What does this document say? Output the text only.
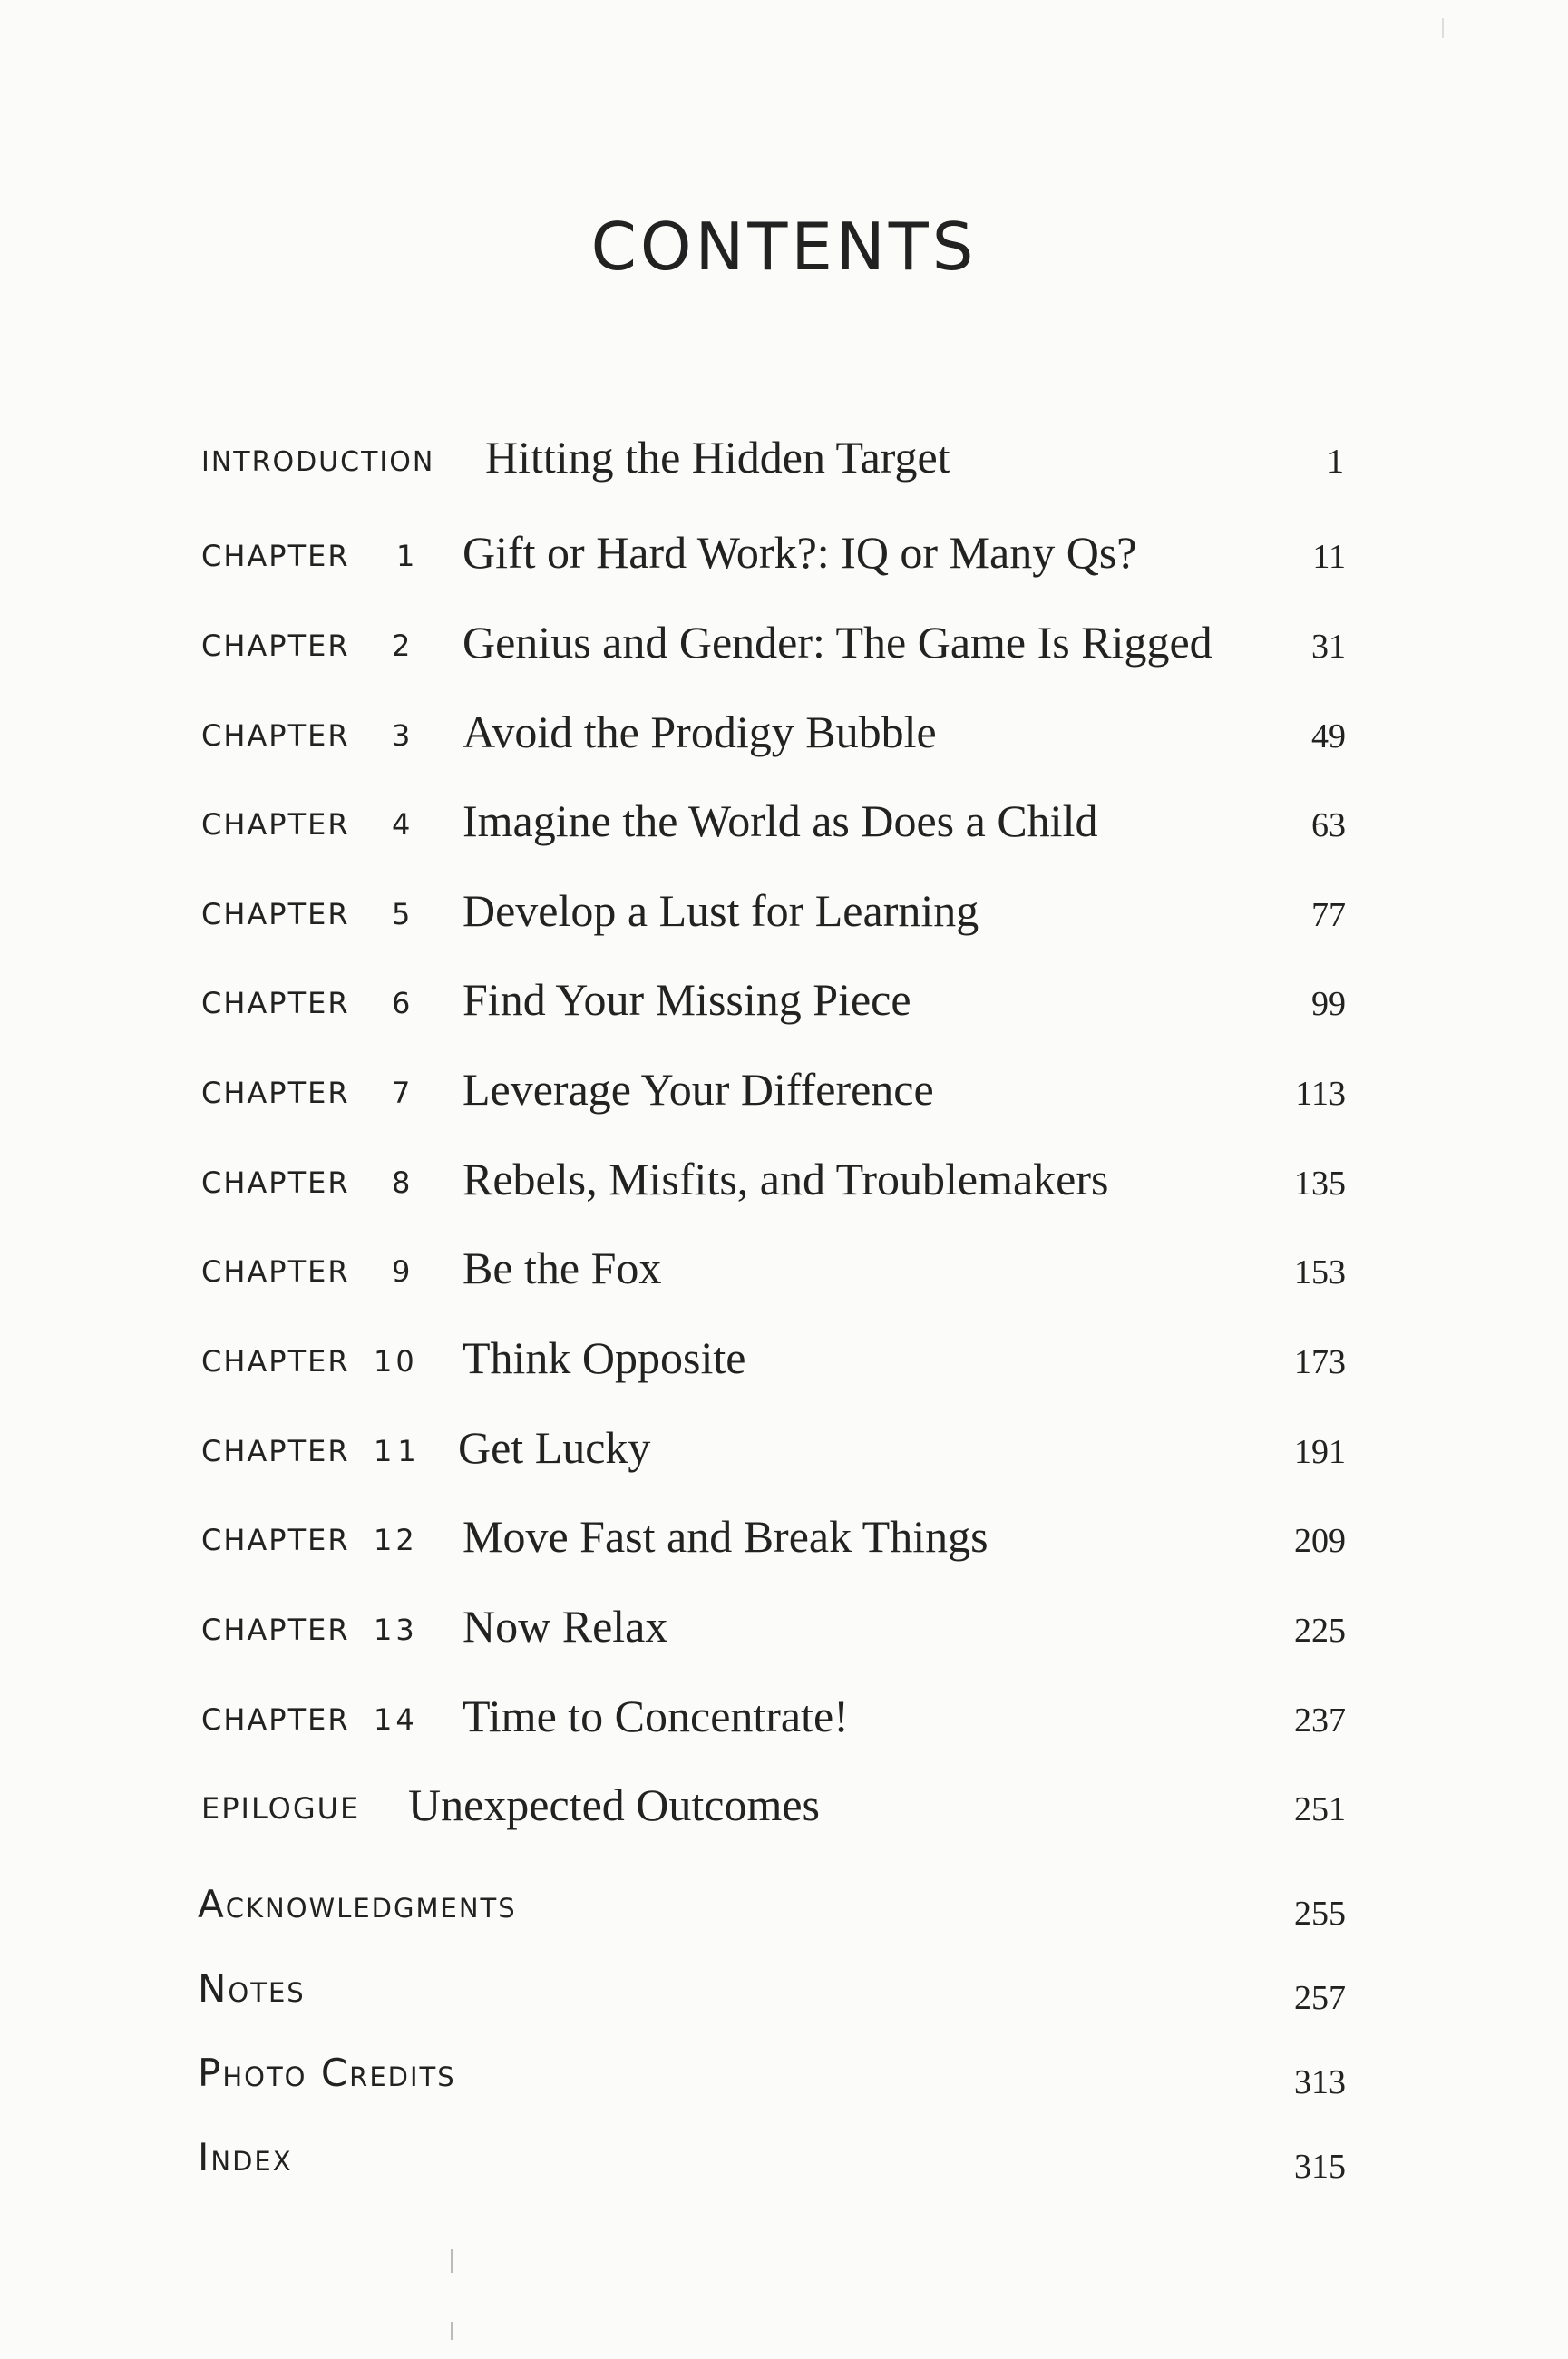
CONTENTS
INTRODUCTION Hitting the Hidden Target	1
CHAPTER 1 Gift or Hard Work?: IQ or Many Qs?	11
CHAPTER 2 Genius and Gender: The Game Is Rigged	31
CHAPTER 3 Avoid the Prodigy Bubble	49
CHAPTER 4 Imagine the World as Does a Child	63
CHAPTER 5 Develop a Lust for Learning	77
CHAPTER 6 Find Your Missing Piece	99
CHAPTER 7 Leverage Your Difference	113
CHAPTER 8 Rebels, Misfits, and Troublemakers	135
CHAPTER 9 Be the Fox	153
CHAPTER 10 Think Opposite	173
CHAPTER 11 Get Lucky	191
CHAPTER 12 Move Fast and Break Things	209
CHAPTER 13 Now Relax	225
CHAPTER 14 Time to Concentrate!	237
EPILOGUE Unexpected Outcomes	251
Acknowledgments	255
Notes	257
Photo Credits	313
Index	315
